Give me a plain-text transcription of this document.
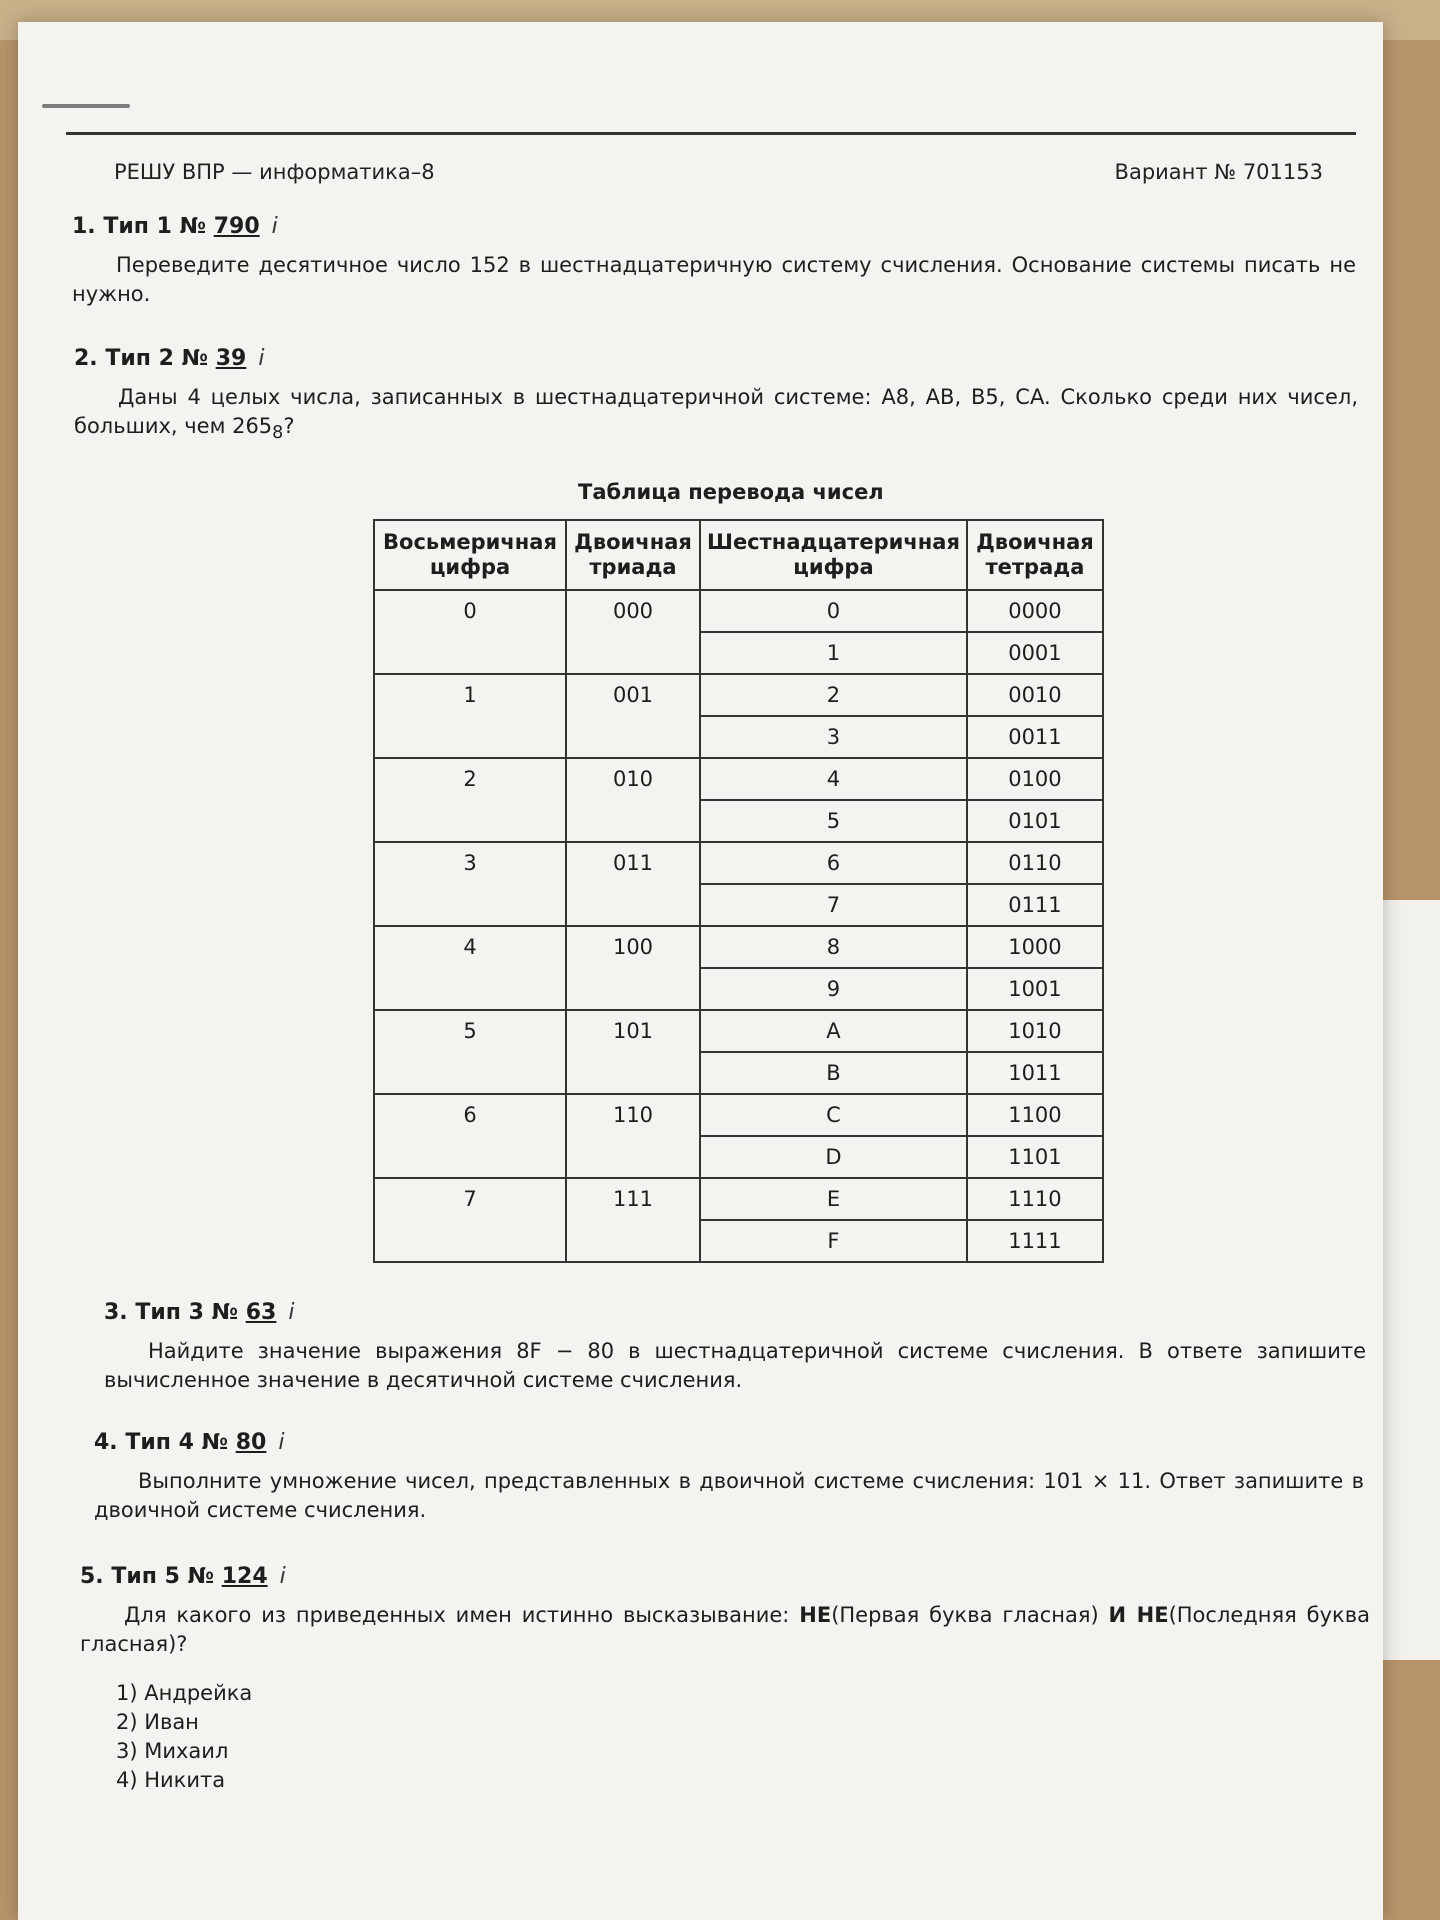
РЕШУ ВПР — информатика–8	Вариант № 701153
1. Тип 1 № 790 i
Переведите десятичное число 152 в шестнадцатеричную систему счисления. Основание системы писать не нужно.
2. Тип 2 № 39 i
Даны 4 целых числа, записанных в шестнадцатеричной системе: A8, AB, B5, CA. Сколько среди них чисел, больших, чем $265_8$?
Таблица перевода чисел
Восьмеричная цифра	Двоичная триада	Шестнадцатеричная цифра	Двоичная тетрада
0	000	0	0000
		1	0001
1	001	2	0010
		3	0011
2	010	4	0100
		5	0101
3	011	6	0110
		7	0111
4	100	8	1000
		9	1001
5	101	A	1010
		B	1011
6	110	C	1100
		D	1101
7	111	E	1110
		F	1111
3. Тип 3 № 63 i
Найдите значение выражения 8F − 80 в шестнадцатеричной системе счисления. В ответе запишите вычисленное значение в десятичной системе счисления.
4. Тип 4 № 80 i
Выполните умножение чисел, представленных в двоичной системе счисления: 101 × 11. Ответ запишите в двоичной системе счисления.
5. Тип 5 № 124 i
Для какого из приведенных имен истинно высказывание: НЕ(Первая буква гласная) И НЕ(Последняя буква гласная)?
1) Андрейка
2) Иван
3) Михаил
4) Никита
